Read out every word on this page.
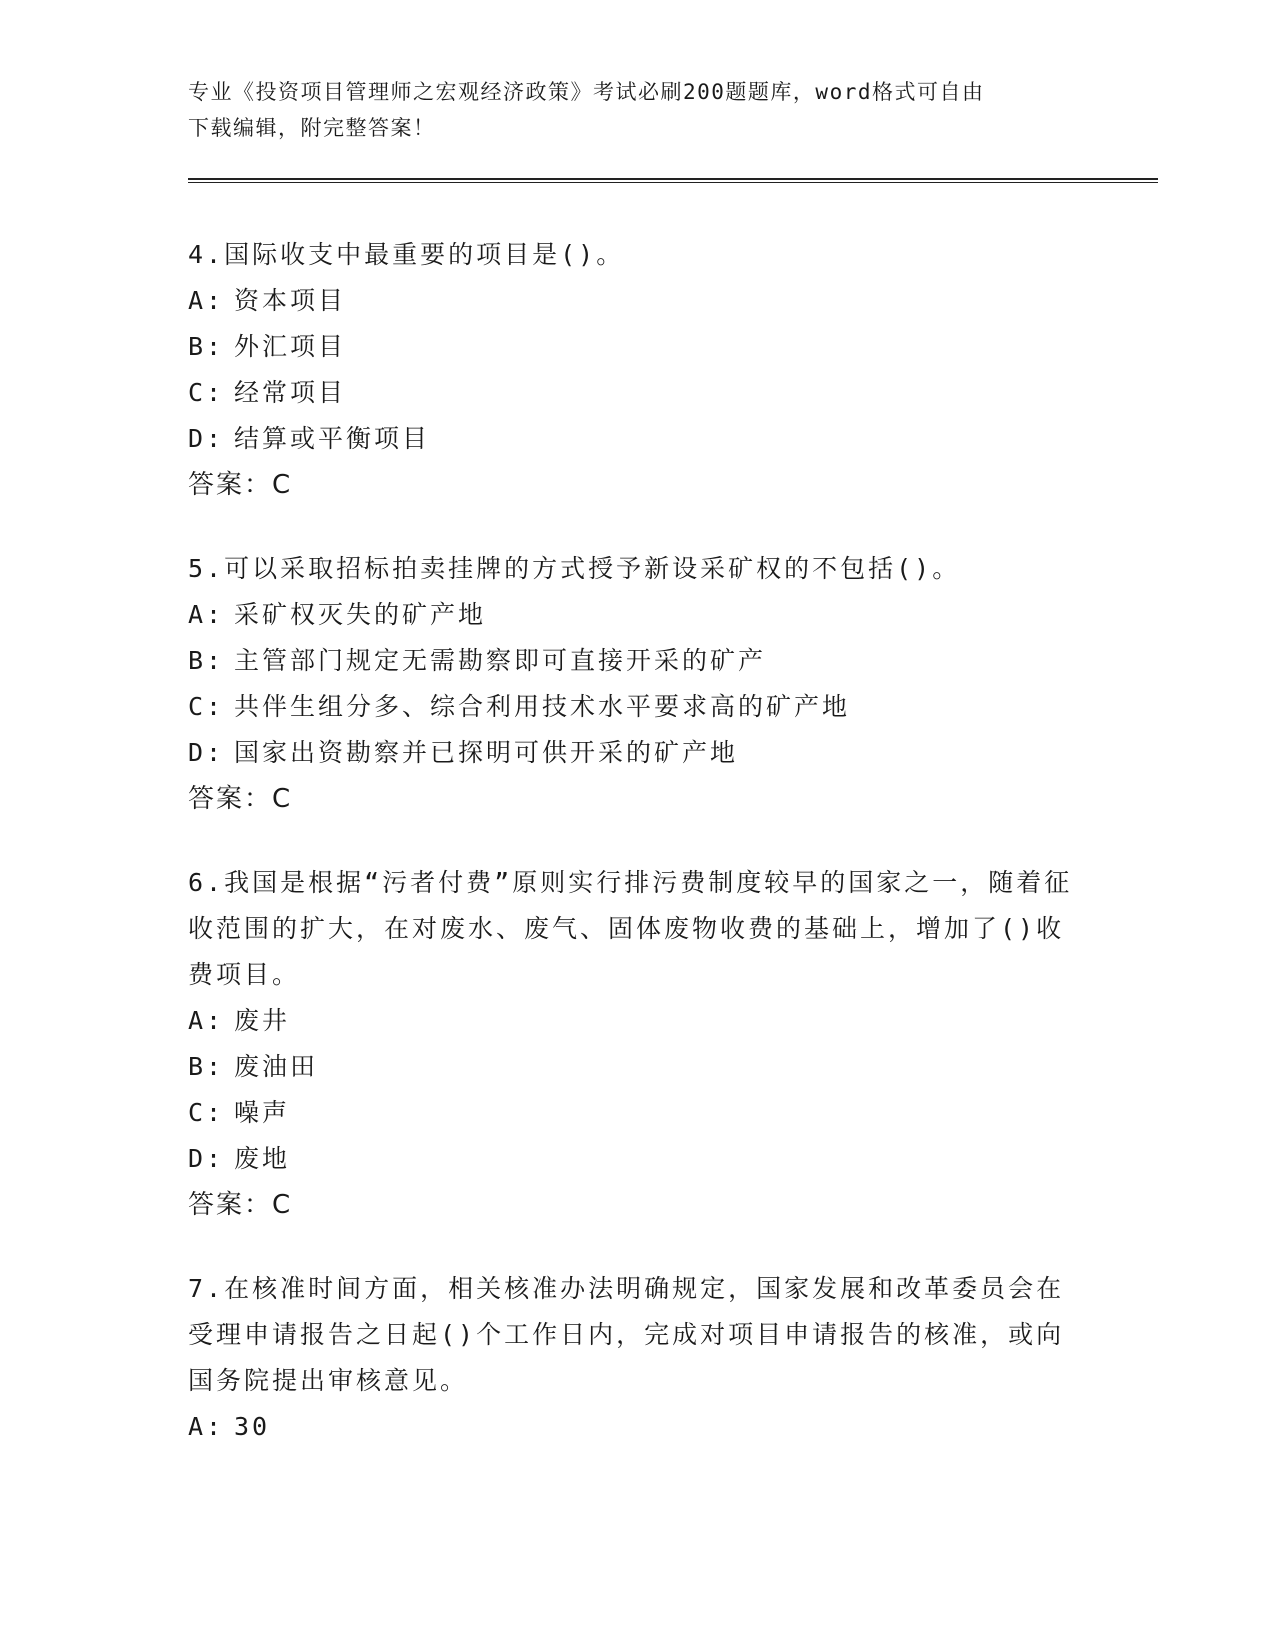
专业《投资项目管理师之宏观经济政策》考试必刷200题题库，word格式可自由
下载编辑，附完整答案！

4.国际收支中最重要的项目是()。

A: 资本项目

B: 外汇项目

C: 经常项目

D: 结算或平衡项目

答案：C

5.可以采取招标拍卖挂牌的方式授予新设采矿权的不包括()。

A: 采矿权灭失的矿产地

B: 主管部门规定无需勘察即可直接开采的矿产

C: 共伴生组分多、综合利用技术水平要求高的矿产地

D: 国家出资勘察并已探明可供开采的矿产地

答案：C

6.我国是根据“污者付费”原则实行排污费制度较早的国家之一，随着征收范围的扩大，在对废水、废气、固体废物收费的基础上，增加了()收费项目。

A: 废井

B: 废油田

C: 噪声

D: 废地

答案：C

7.在核准时间方面，相关核准办法明确规定，国家发展和改革委员会在受理申请报告之日起()个工作日内，完成对项目申请报告的核准，或向国务院提出审核意见。

A: 30
